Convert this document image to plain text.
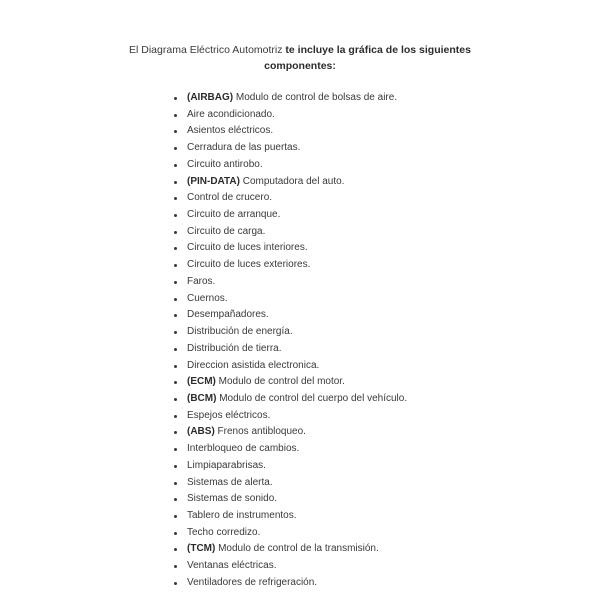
El Diagrama Eléctrico Automotriz te incluye la gráfica de los siguientes
componentes:
(AIRBAG) Modulo de control de bolsas de aire.
Aire acondicionado.
Asientos eléctricos.
Cerradura de las puertas.
Circuito antirobo.
(PIN-DATA) Computadora del auto.
Control de crucero.
Circuito de arranque.
Circuito de carga.
Circuito de luces interiores.
Circuito de luces exteriores.
Faros.
Cuernos.
Desempañadores.
Distribución de energía.
Distribución de tierra.
Direccion asistida electronica.
(ECM) Modulo de control del motor.
(BCM) Modulo de control del cuerpo del vehículo.
Espejos eléctricos.
(ABS) Frenos antibloqueo.
Interbloqueo de cambios.
Limpiaparabrisas.
Sistemas de alerta.
Sistemas de sonido.
Tablero de instrumentos.
Techo corredizo.
(TCM) Modulo de control de la transmisión.
Ventanas eléctricas.
Ventiladores de refrigeración.
